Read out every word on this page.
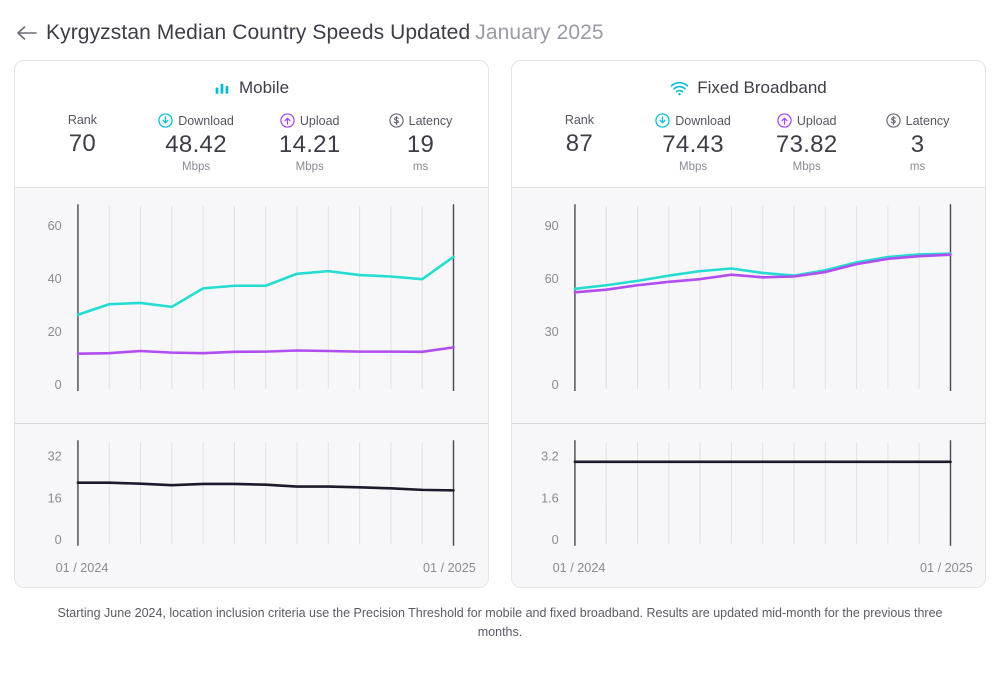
Kyrgyzstan Median Country Speeds Updated January 2025
Mobile
Rank
70
Download
48.42
Mbps
Upload
14.21
Mbps
Latency
19
ms
0
20
40
60
0
16
32
01 / 2024	01 / 2025
Fixed Broadband
Rank
87
Download
74.43
Mbps
Upload
73.82
Mbps
Latency
3
ms
0
30
60
90
0
1.6
3.2
01 / 2024	01 / 2025
Starting June 2024, location inclusion criteria use the Precision Threshold for mobile and fixed broadband. Results are updated mid-month for the previous three months.
